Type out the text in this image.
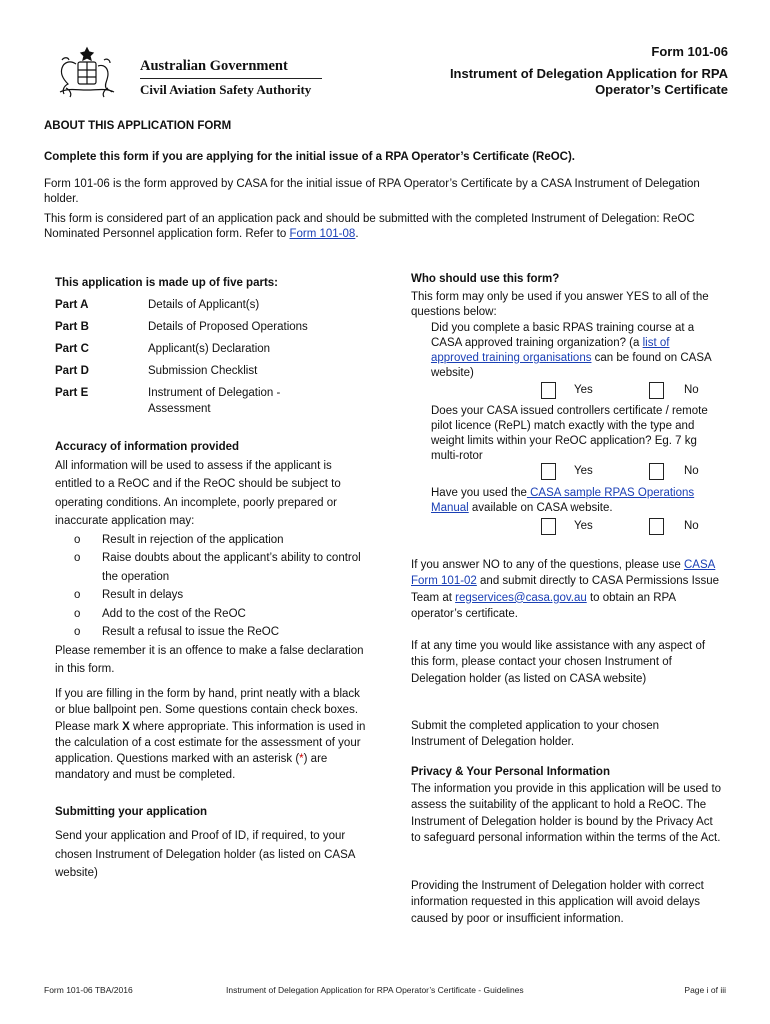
Australian Government
Civil Aviation Safety Authority
Form 101-06
Instrument of Delegation Application for RPA Operator’s Certificate
ABOUT THIS APPLICATION FORM
Complete this form if you are applying for the initial issue of a RPA Operator’s Certificate (ReOC).
Form 101-06 is the form approved by CASA for the initial issue of RPA Operator’s Certificate by a CASA Instrument of Delegation holder.
This form is considered part of an application pack and should be submitted with the completed Instrument of Delegation: ReOC Nominated Personnel application form. Refer to Form 101-08.
This application is made up of five parts:
Part A	Details of Applicant(s)
Part B	Details of Proposed Operations
Part C	Applicant(s) Declaration
Part D	Submission Checklist
Part E	Instrument of Delegation - Assessment
Accuracy of information provided
All information will be used to assess if the applicant is entitled to a ReOC and if the ReOC should be subject to operating conditions. An incomplete, poorly prepared or inaccurate application may:
o	Result in rejection of the application
o	Raise doubts about the applicant’s ability to control the operation
o	Result in delays
o	Add to the cost of the ReOC
o	Result a refusal to issue the ReOC
Please remember it is an offence to make a false declaration in this form.
If you are filling in the form by hand, print neatly with a black or blue ballpoint pen. Some questions contain check boxes. Please mark X where appropriate. This information is used in the calculation of a cost estimate for the assessment of your application. Questions marked with an asterisk (*) are mandatory and must be completed.
Submitting your application
Send your application and Proof of ID, if required, to your chosen Instrument of Delegation holder (as listed on CASA website)
Who should use this form?
This form may only be used if you answer YES to all of the questions below:
Did you complete a basic RPAS training course at a CASA approved training organization? (a list of approved training organisations can be found on CASA website)
Yes	No
Does your CASA issued controllers certificate / remote pilot licence (RePL) match exactly with the type and weight limits within your ReOC application? Eg. 7 kg multi-rotor
Yes	No
Have you used the CASA sample RPAS Operations Manual available on CASA website.
Yes	No
If you answer NO to any of the questions, please use CASA Form 101-02 and submit directly to CASA Permissions Issue Team at regservices@casa.gov.au to obtain an RPA operator’s certificate.
If at any time you would like assistance with any aspect of this form, please contact your chosen Instrument of Delegation holder (as listed on CASA website)
Submit the completed application to your chosen Instrument of Delegation holder.
Privacy & Your Personal Information
The information you provide in this application will be used to assess the suitability of the applicant to hold a ReOC. The Instrument of Delegation holder is bound by the Privacy Act to safeguard personal information within the terms of the Act.
Providing the Instrument of Delegation holder with correct information requested in this application will avoid delays caused by poor or insufficient information.
Form 101-06 TBA/2016	Instrument of Delegation Application for RPA Operator’s Certificate - Guidelines	Page i of iii
